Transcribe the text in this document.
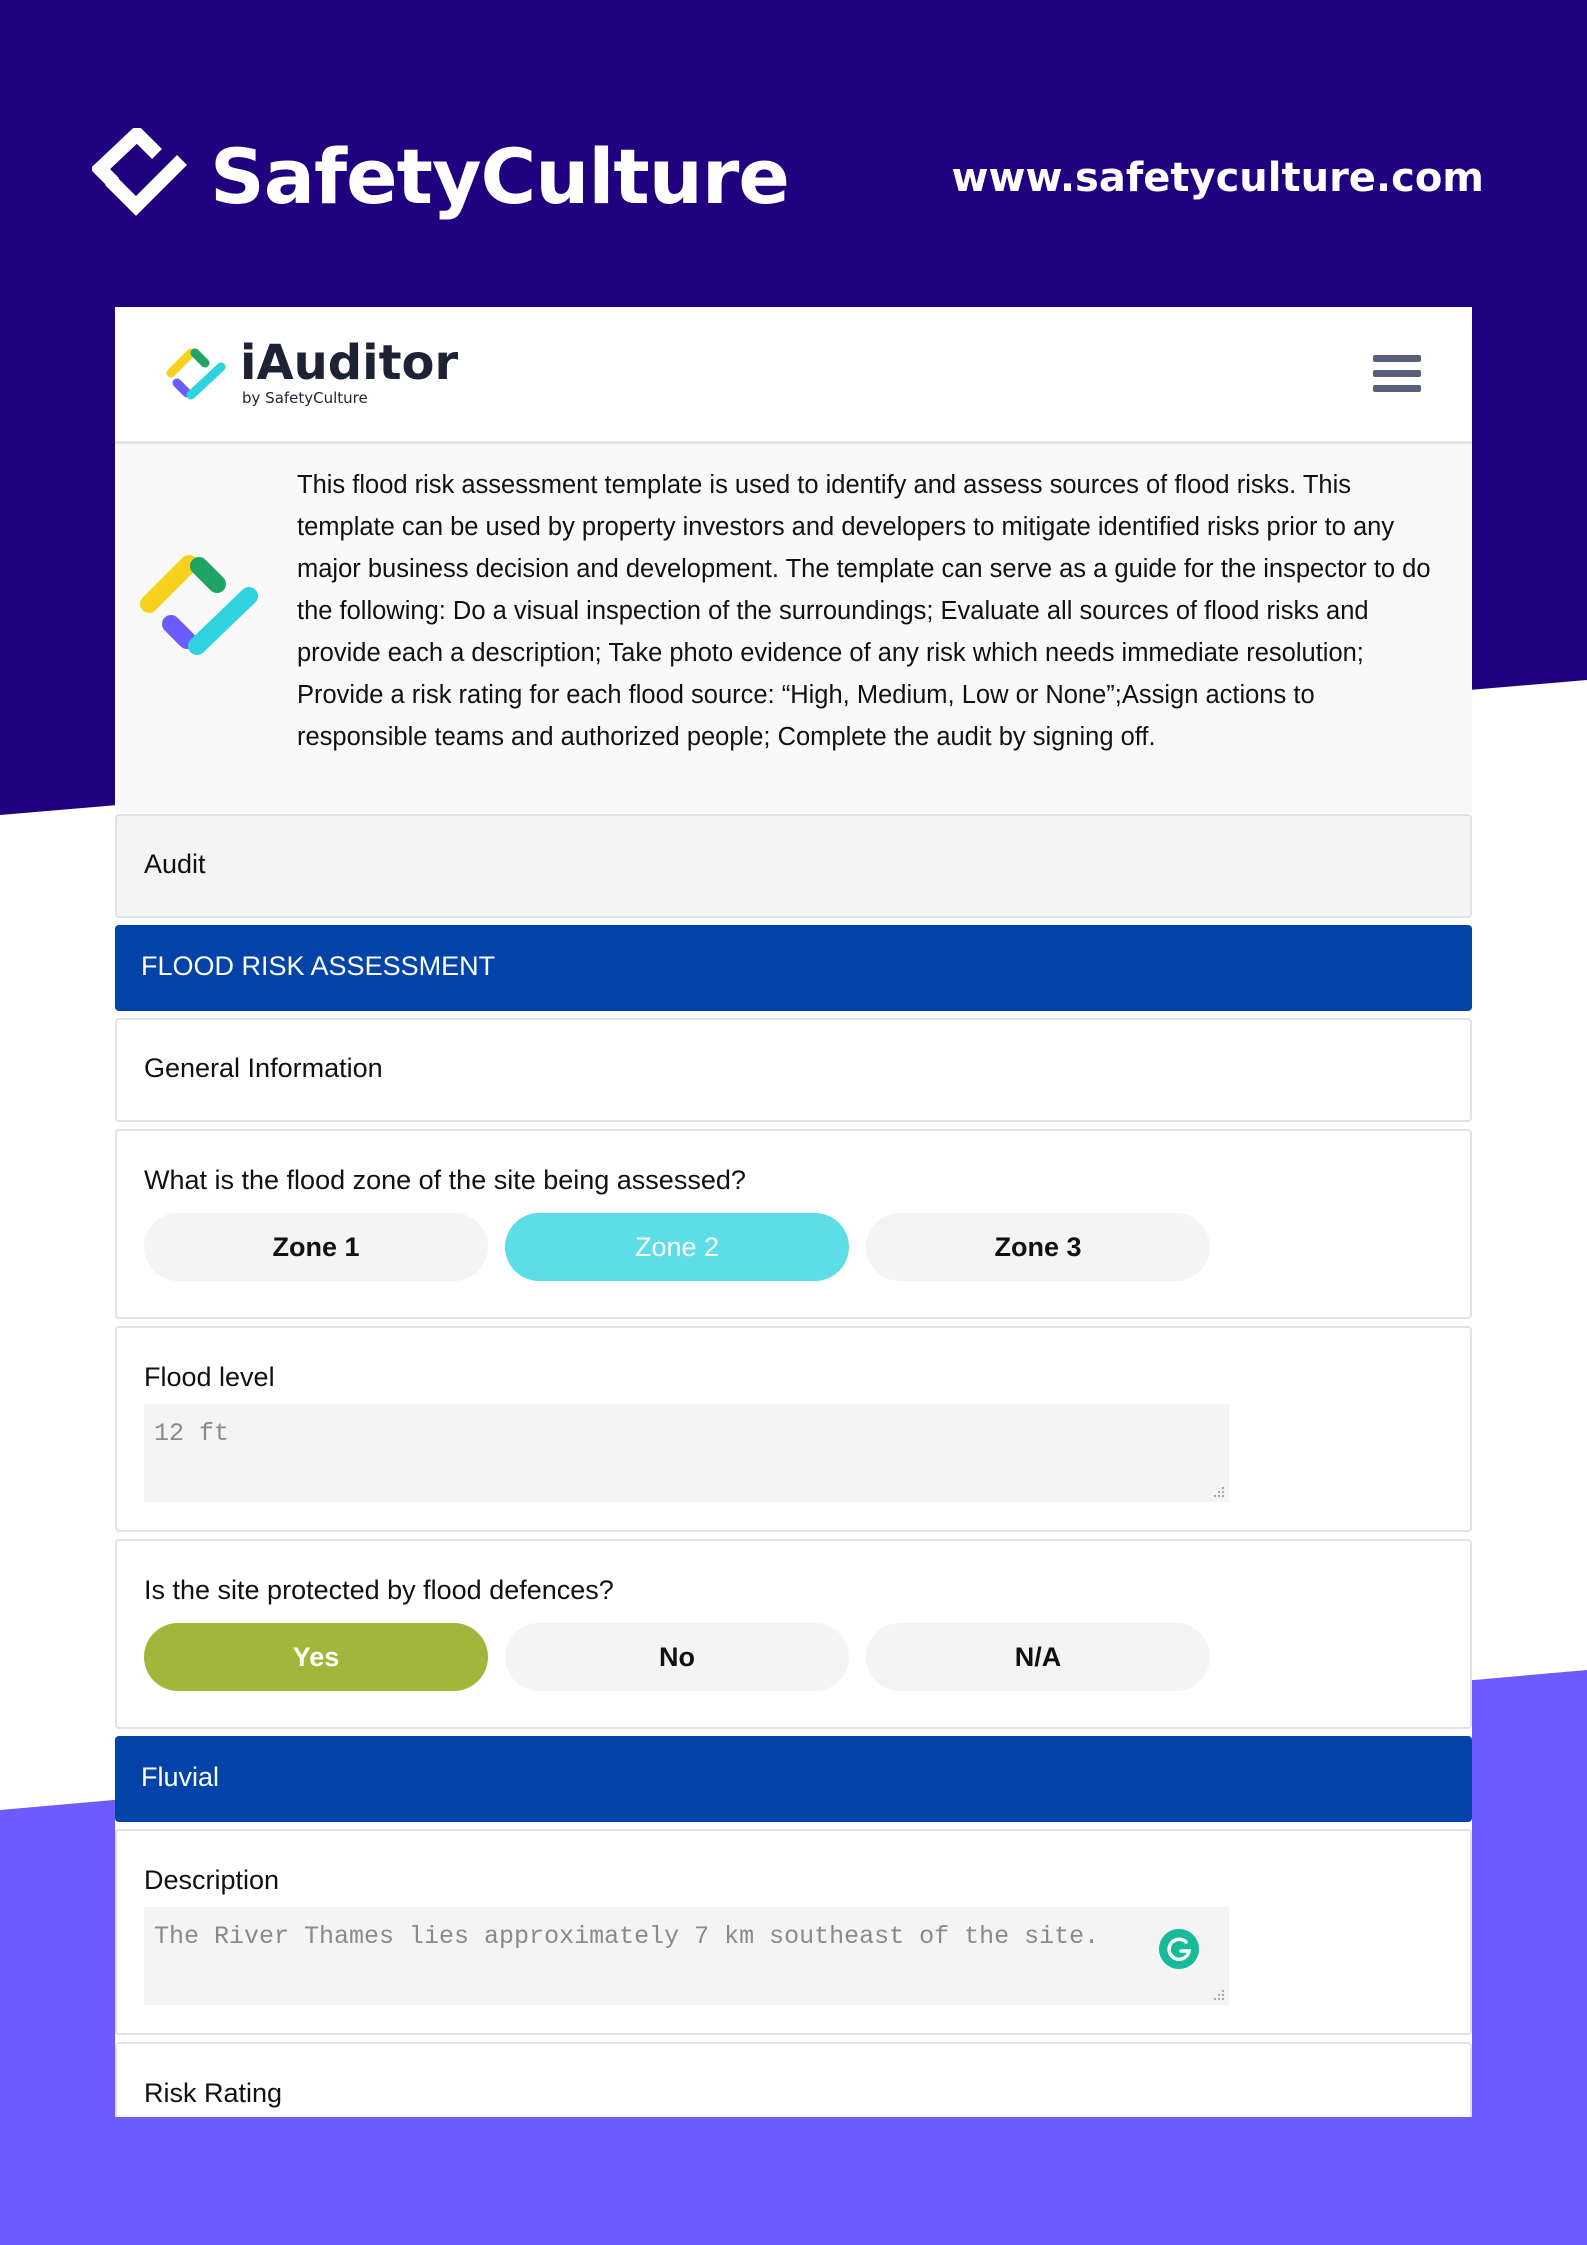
SafetyCulture	www.safetyculture.com
iAuditor
by SafetyCulture
This flood risk assessment template is used to identify and assess sources of flood risks. This template can be used by property investors and developers to mitigate identified risks prior to any major business decision and development. The template can serve as a guide for the inspector to do the following: Do a visual inspection of the surroundings; Evaluate all sources of flood risks and provide each a description; Take photo evidence of any risk which needs immediate resolution; Provide a risk rating for each flood source: “High, Medium, Low or None”;Assign actions to responsible teams and authorized people; Complete the audit by signing off.
Audit
FLOOD RISK ASSESSMENT
General Information
What is the flood zone of the site being assessed?
Zone 1	Zone 2	Zone 3
Flood level
12 ft
Is the site protected by flood defences?
Yes	No	N/A
Fluvial
Description
The River Thames lies approximately 7 km southeast of the site.
Risk Rating
